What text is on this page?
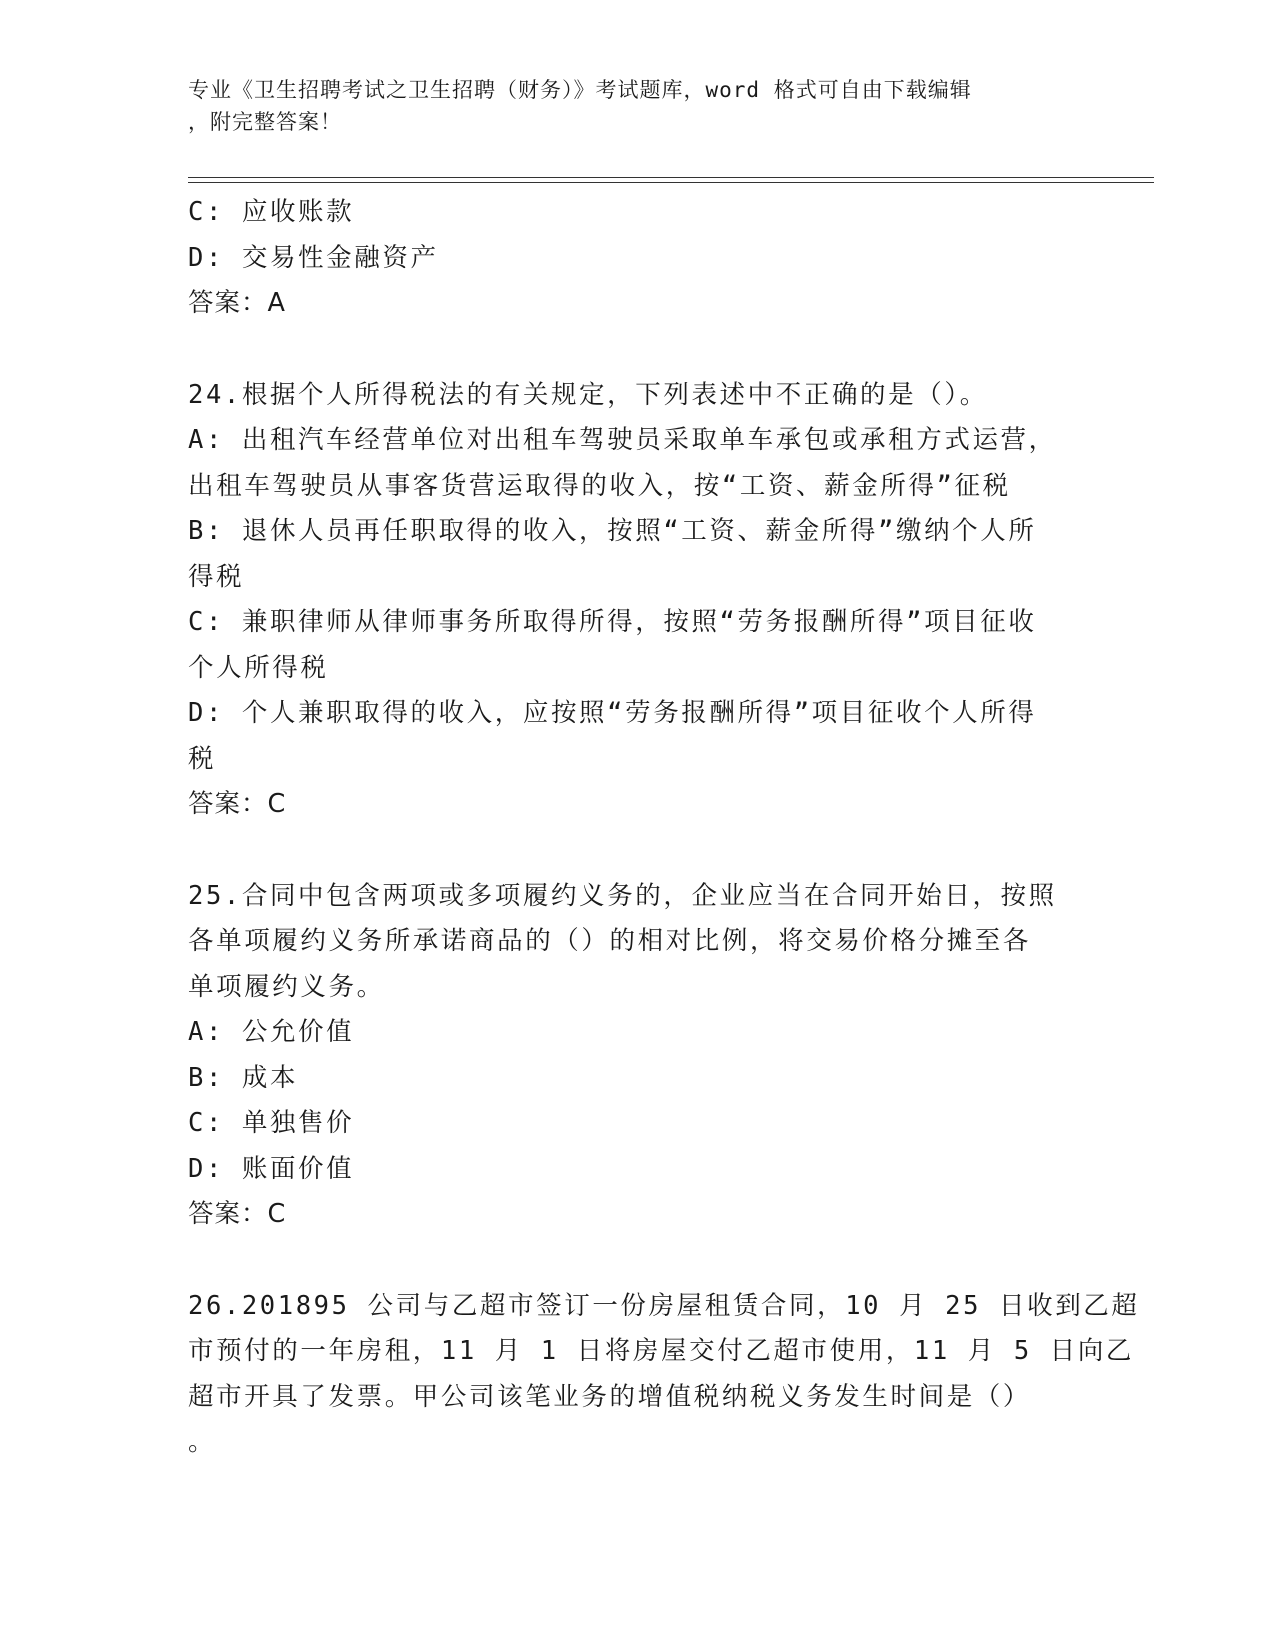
专业《卫生招聘考试之卫生招聘（财务）》考试题库，word 格式可自由下载编辑
，附完整答案！
C: 应收账款
D: 交易性金融资产
答案：A
24.根据个人所得税法的有关规定，下列表述中不正确的是（）。
A: 出租汽车经营单位对出租车驾驶员采取单车承包或承租方式运营，
出租车驾驶员从事客货营运取得的收入，按“工资、薪金所得”征税
B: 退休人员再任职取得的收入，按照“工资、薪金所得”缴纳个人所
得税
C: 兼职律师从律师事务所取得所得，按照“劳务报酬所得”项目征收
个人所得税
D: 个人兼职取得的收入，应按照“劳务报酬所得”项目征收个人所得
税
答案：C
25.合同中包含两项或多项履约义务的，企业应当在合同开始日，按照
各单项履约义务所承诺商品的（）的相对比例，将交易价格分摊至各
单项履约义务。
A: 公允价值
B: 成本
C: 单独售价
D: 账面价值
答案：C
26.201895 公司与乙超市签订一份房屋租赁合同，10 月 25 日收到乙超
市预付的一年房租，11 月 1 日将房屋交付乙超市使用，11 月 5 日向乙
超市开具了发票。甲公司该笔业务的增值税纳税义务发生时间是（）
。
